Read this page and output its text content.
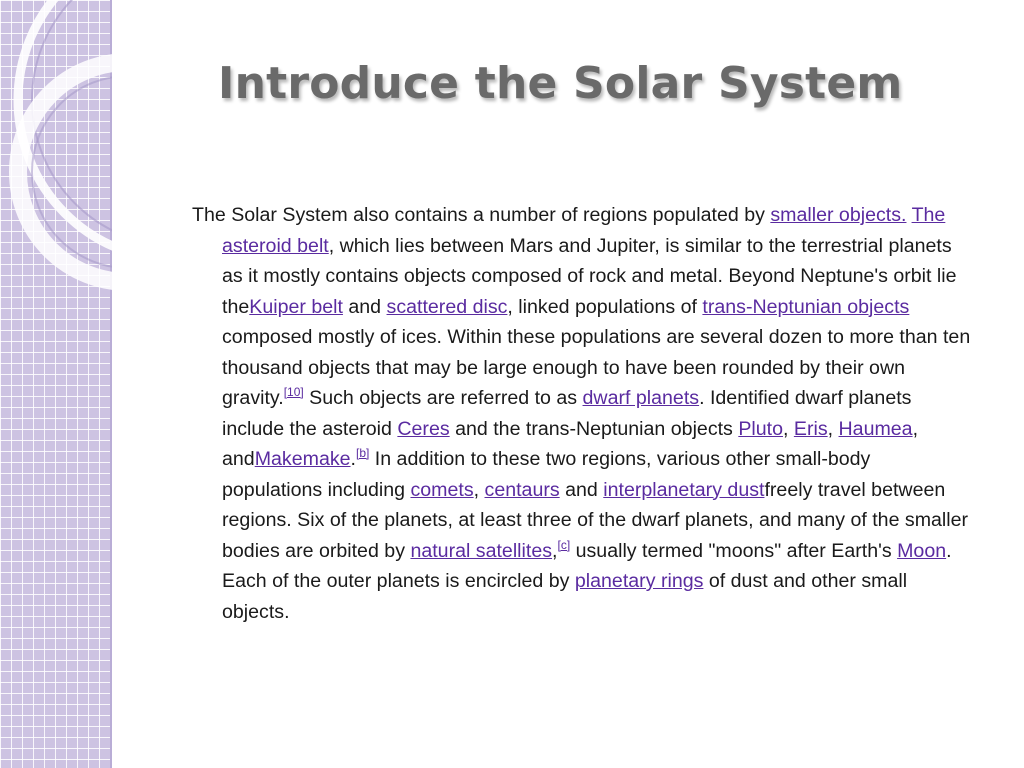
Introduce the Solar System

The Solar System also contains a number of regions populated by smaller objects. The asteroid belt, which lies between Mars and Jupiter, is similar to the terrestrial planets as it mostly contains objects composed of rock and metal. Beyond Neptune's orbit lie theKuiper belt and scattered disc, linked populations of trans-Neptunian objects composed mostly of ices. Within these populations are several dozen to more than ten thousand objects that may be large enough to have been rounded by their own gravity.[10] Such objects are referred to as dwarf planets. Identified dwarf planets include the asteroid Ceres and the trans-Neptunian objects Pluto, Eris, Haumea, andMakemake.[b] In addition to these two regions, various other small-body populations including comets, centaurs and interplanetary dustfreely travel between regions. Six of the planets, at least three of the dwarf planets, and many of the smaller bodies are orbited by natural satellites,[c] usually termed "moons" after Earth's Moon. Each of the outer planets is encircled by planetary rings of dust and other small objects.
